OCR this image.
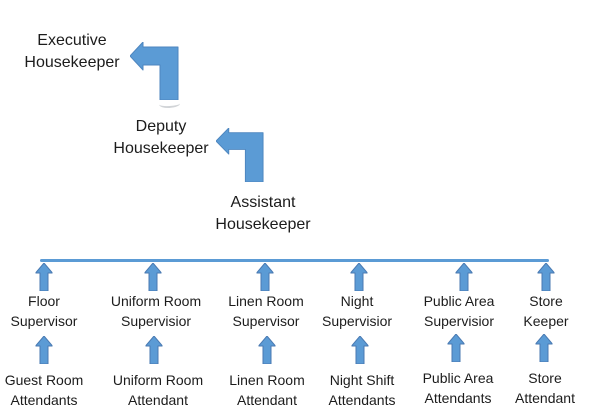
Executive
Housekeeper
Deputy
Housekeeper
Assistant
Housekeeper
Floor
Supervisor
Uniform Room
Supervisior
Linen Room
Supervisor
Night
Supervisior
Public Area
Supervisior
Store
Keeper
Guest Room
Attendants
Uniform Room
Attendant
Linen Room
Attendant
Night Shift
Attendants
Public Area
Attendants
Store
Attendant
